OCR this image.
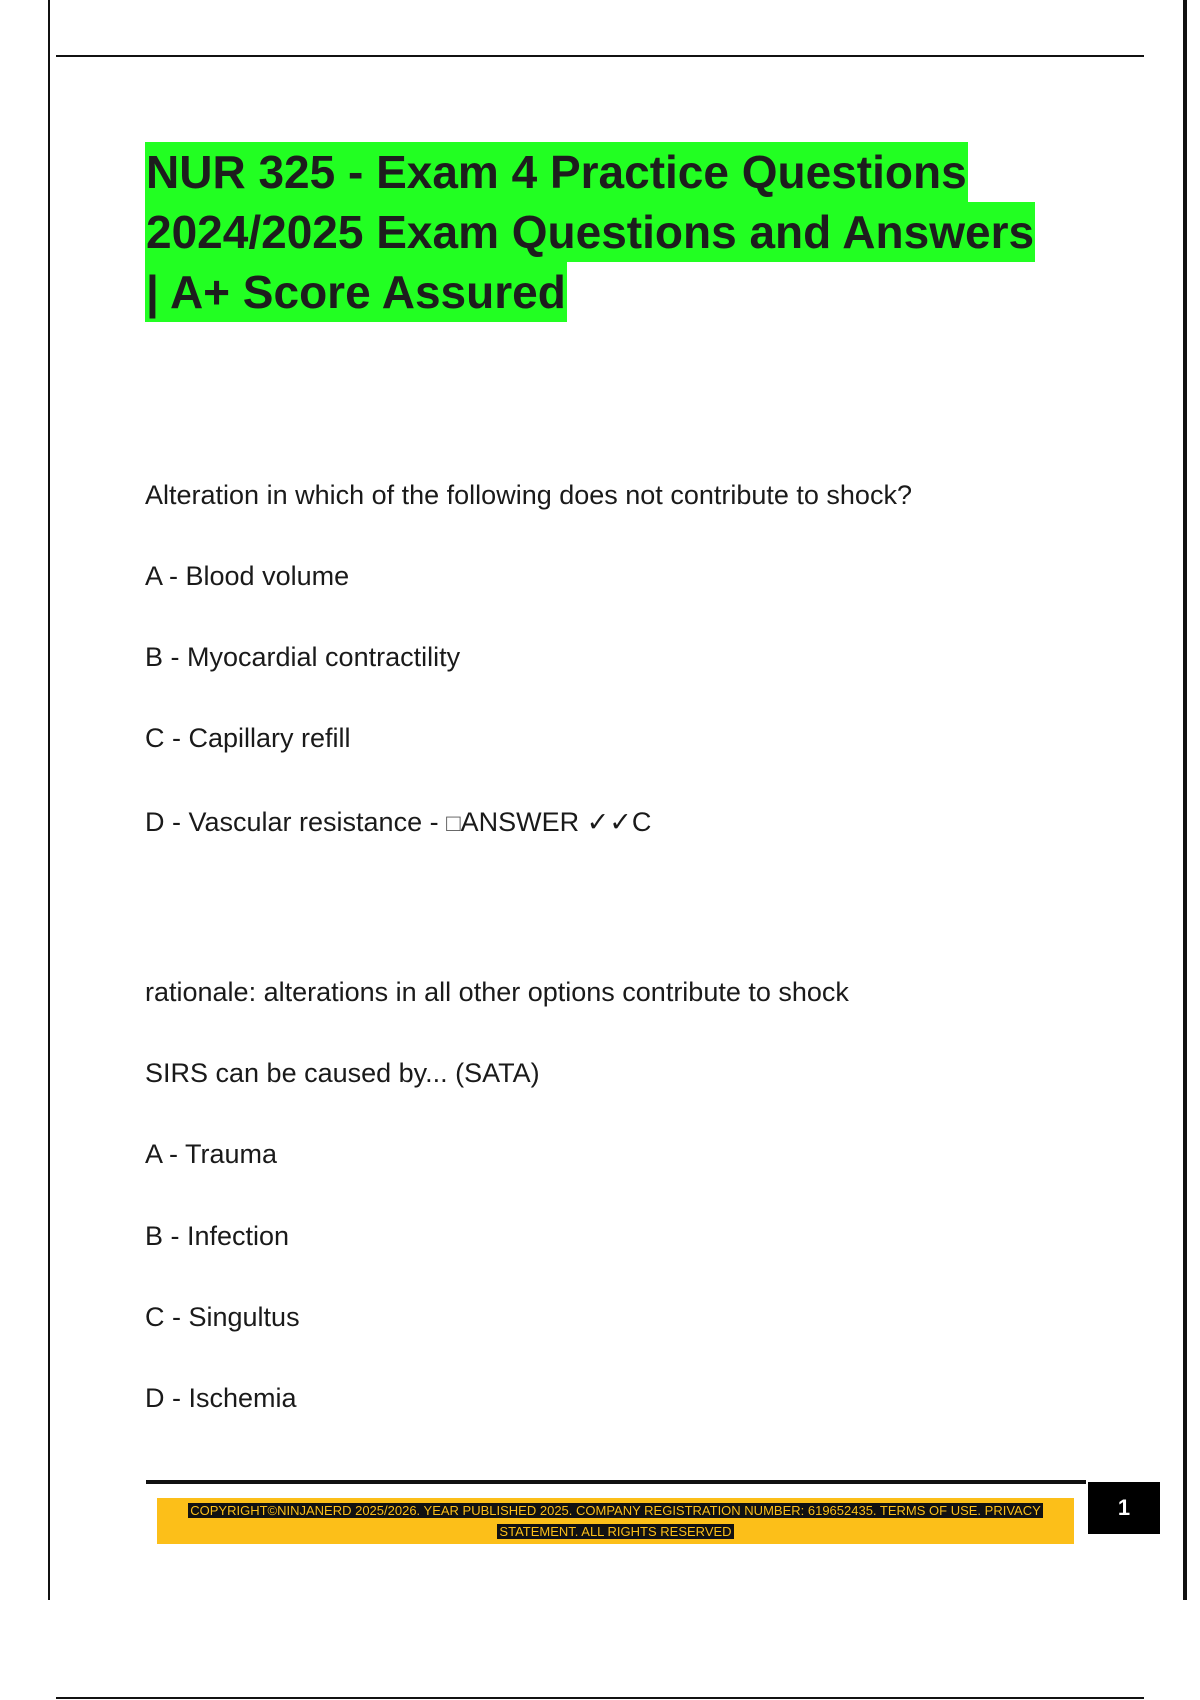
NUR 325 - Exam 4 Practice Questions
2024/2025 Exam Questions and Answers
| A+ Score Assured
Alteration in which of the following does not contribute to shock?
A - Blood volume
B - Myocardial contractility
C - Capillary refill
D - Vascular resistance - □ANSWER ✓✓C
rationale: alterations in all other options contribute to shock
SIRS can be caused by... (SATA)
A - Trauma
B - Infection
C - Singultus
D - Ischemia
COPYRIGHT©NINJANERD 2025/2026. YEAR PUBLISHED 2025. COMPANY REGISTRATION NUMBER: 619652435. TERMS OF USE. PRIVACY STATEMENT. ALL RIGHTS RESERVED
1
